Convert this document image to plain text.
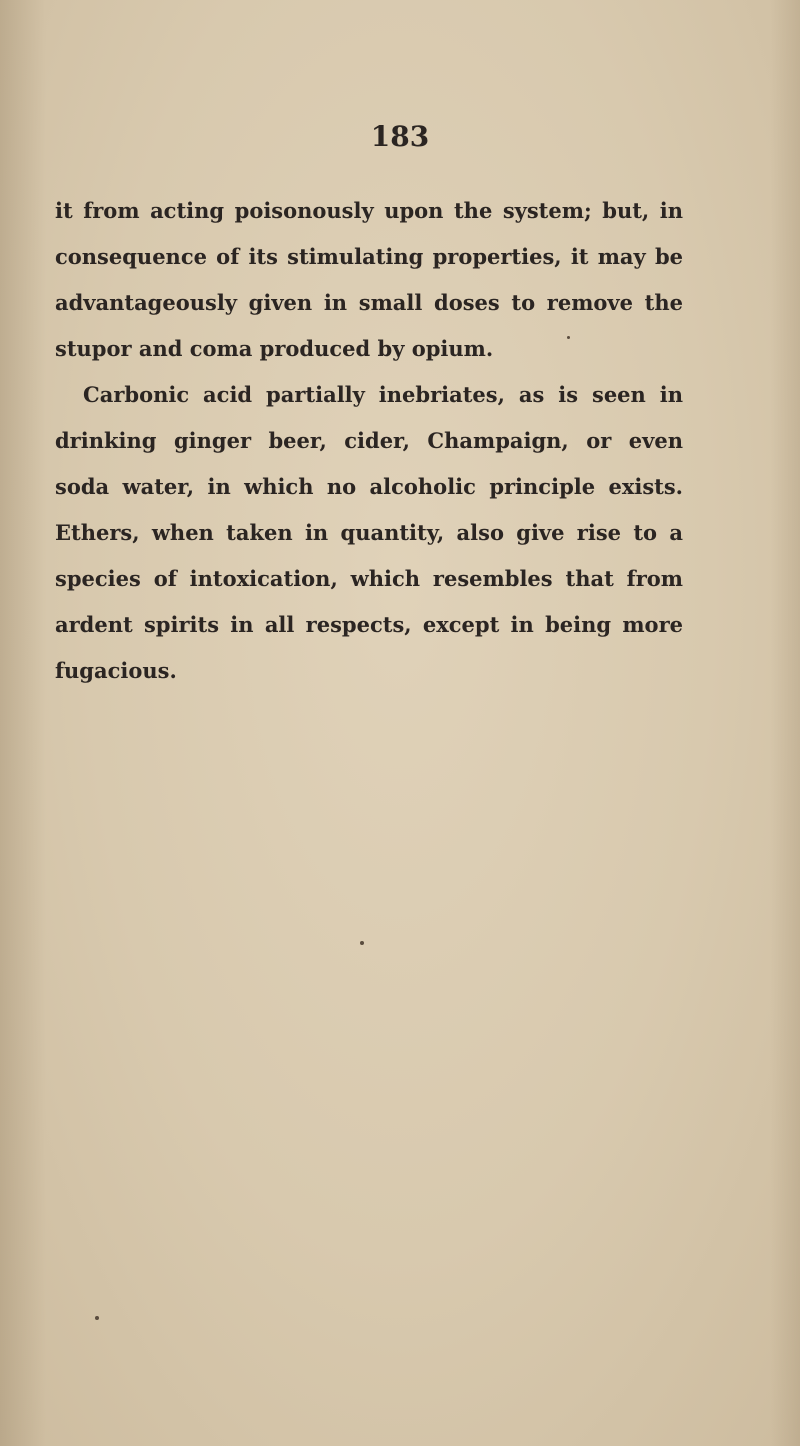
183

it from acting poisonously upon the system; but, in consequence of its stimulating properties, it may be advantageously given in small doses to remove the stupor and coma produced by opium.

Carbonic acid partially inebriates, as is seen in drinking ginger beer, cider, Champaign, or even soda water, in which no alcoholic principle exists. Ethers, when taken in quantity, also give rise to a species of intoxication, which resembles that from ardent spirits in all respects, except in being more fugacious.
